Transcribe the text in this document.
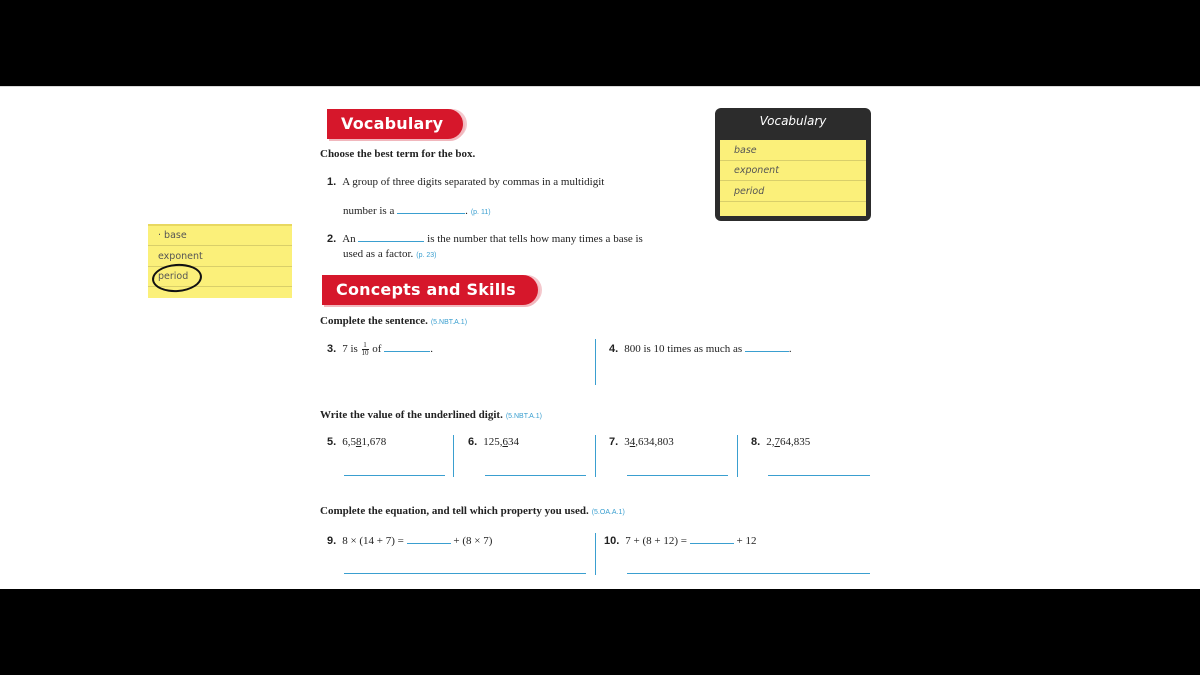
Vocabulary
Choose the best term for the box.
1. A group of three digits separated by commas in a multidigit
number is a	. (p. 11)
2. An	is the number that tells how many times a base is
used as a factor. (p. 23)
Vocabulary
base
exponent
period
· base
exponent
period
Concepts and Skills
Complete the sentence. (5.NBT.A.1)
3. 7 is $\frac{1}{10}$ of	.	4. 800 is 10 times as much as	.
Write the value of the underlined digit. (5.NBT.A.1)
5. 6,581,678	6. 125,634	7. 34,634,803	8. 2,764,835
Complete the equation, and tell which property you used. (5.OA.A.1)
9. 8 × (14 + 7) =	+ (8 × 7)	10. 7 + (8 + 12) =	+ 12
